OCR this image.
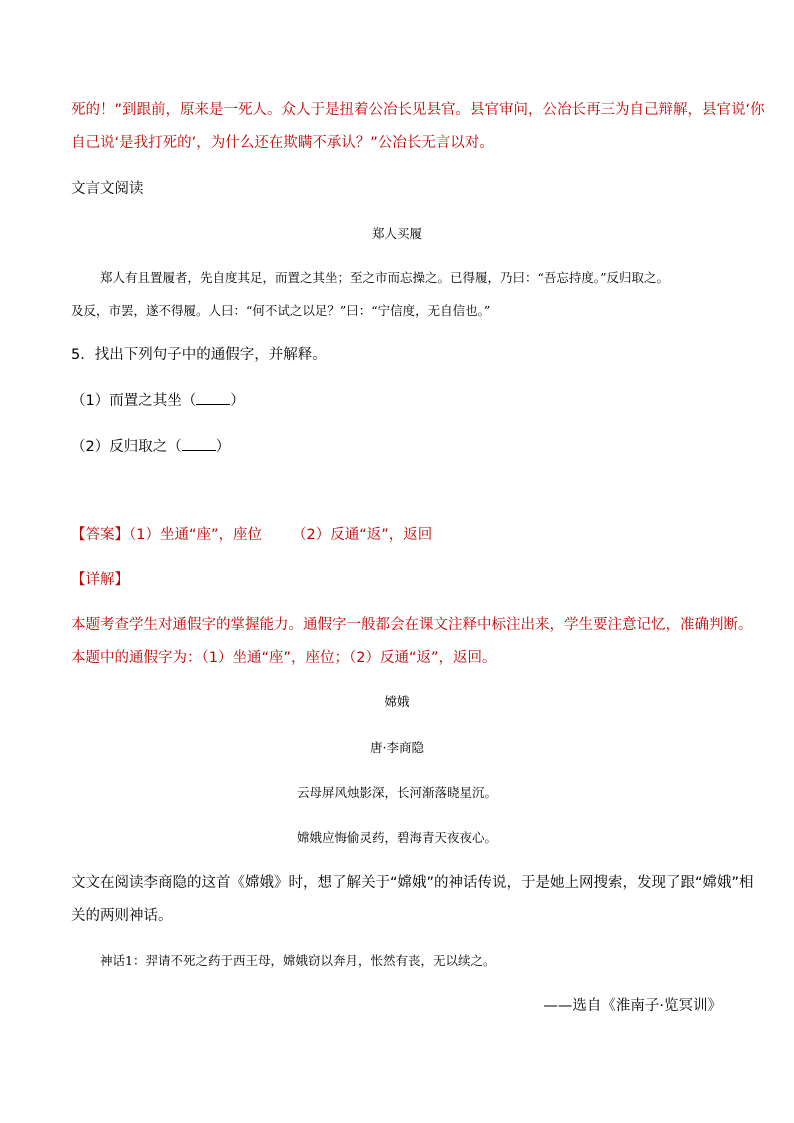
死的！”到跟前，原来是一死人。众人于是扭着公冶长见县官。县官审问，公冶长再三为自己辩解，县官说‘你
自己说‘是我打死的’，为什么还在欺瞒不承认？”公冶长无言以对。
文言文阅读
郑人买履
郑人有且置履者，先自度其足，而置之其坐；至之市而忘操之。已得履，乃曰：“吾忘持度。”反归取之。
及反，市罢，遂不得履。人曰：“何不试之以足？”曰：“宁信度，无自信也。”
5．找出下列句子中的通假字，并解释。
（1）而置之其坐（ ）
（2）反归取之（ ）
【答案】（1）坐通“座”，座位 （2）反通“返”，返回
【详解】
本题考查学生对通假字的掌握能力。通假字一般都会在课文注释中标注出来，学生要注意记忆，准确判断。
本题中的通假字为：（1）坐通“座”，座位；（2）反通“返”，返回。
嫦娥
唐·李商隐
云母屏风烛影深，长河渐落晓星沉。
嫦娥应悔偷灵药，碧海青天夜夜心。
文文在阅读李商隐的这首《嫦娥》时，想了解关于“嫦娥”的神话传说，于是她上网搜索，发现了跟“嫦娥”相
关的两则神话。
神话1：羿请不死之药于西王母，嫦娥窃以奔月，怅然有丧，无以续之。
——选自《淮南子·览冥训》
